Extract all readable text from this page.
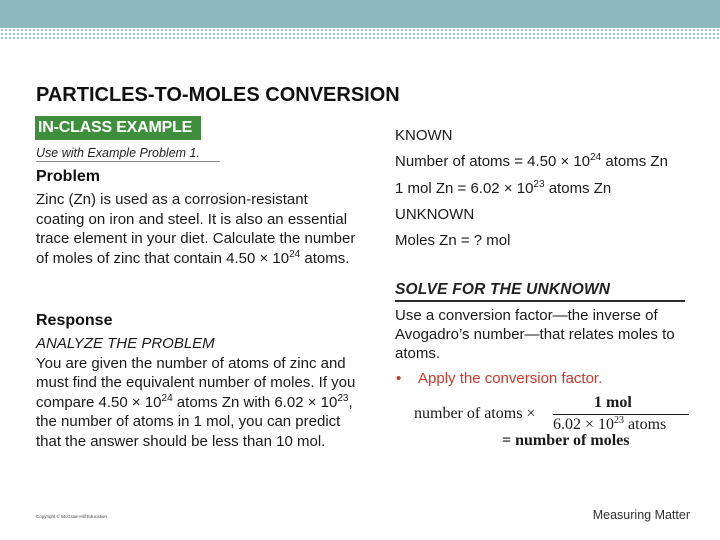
PARTICLES-TO-MOLES CONVERSION
IN-CLASS EXAMPLE
Use with Example Problem 1.
Problem
Zinc (Zn) is used as a corrosion-resistant coating on iron and steel. It is also an essential trace element in your diet. Calculate the number of moles of zinc that contain $4.50 \times 10^{24}$ atoms.
Response
ANALYZE THE PROBLEM
You are given the number of atoms of zinc and must find the equivalent number of moles. If you compare $4.50 \times 10^{24}$ atoms Zn with $6.02 \times 10^{23}$, the number of atoms in 1 mol, you can predict that the answer should be less than 10 mol.
Copyright © McGraw-Hill Education
KNOWN
Number of atoms = $4.50 \times 10^{24}$ atoms Zn
1 mol $Zn = 6.02 \times 10^{23}$ atoms Zn
UNKNOWN
Moles Zn = ? mol
SOLVE FOR THE UNKNOWN
Use a conversion factor—the inverse of Avogadro’s number—that relates moles to atoms.
• Apply the conversion factor.
number of atoms ×
1 mol
$6.02 \times 10^{23}$ atoms
= number of moles
Measuring Matter
